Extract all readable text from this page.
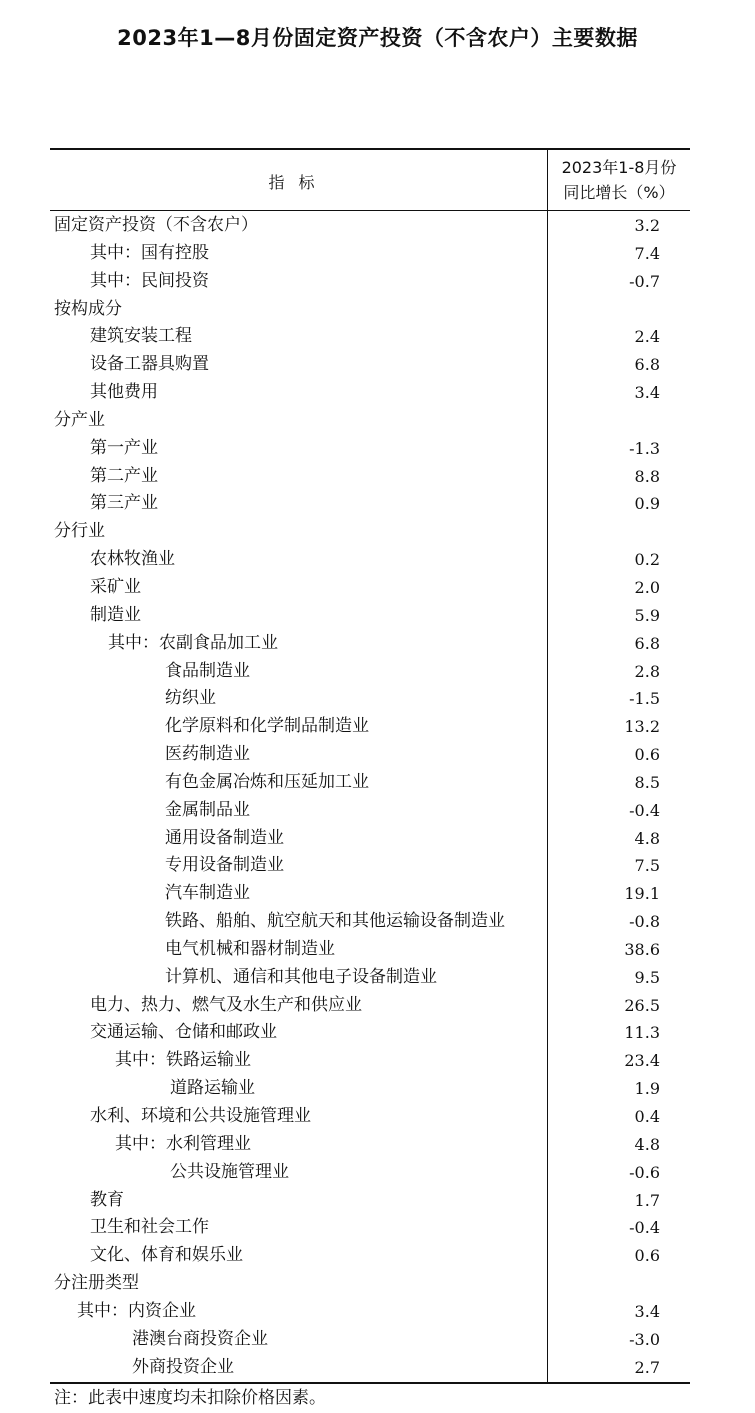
2023年1—8月份固定资产投资（不含农户）主要数据
指标
2023年1-8月份
同比增长（%）
固定资产投资（不含农户）	3.2
其中：国有控股	7.4
其中：民间投资	-0.7
按构成分
建筑安装工程	2.4
设备工器具购置	6.8
其他费用	3.4
分产业
第一产业	-1.3
第二产业	8.8
第三产业	0.9
分行业
农林牧渔业	0.2
采矿业	2.0
制造业	5.9
其中：农副食品加工业	6.8
食品制造业	2.8
纺织业	-1.5
化学原料和化学制品制造业	13.2
医药制造业	0.6
有色金属冶炼和压延加工业	8.5
金属制品业	-0.4
通用设备制造业	4.8
专用设备制造业	7.5
汽车制造业	19.1
铁路、船舶、航空航天和其他运输设备制造业	-0.8
电气机械和器材制造业	38.6
计算机、通信和其他电子设备制造业	9.5
电力、热力、燃气及水生产和供应业	26.5
交通运输、仓储和邮政业	11.3
其中：铁路运输业	23.4
道路运输业	1.9
水利、环境和公共设施管理业	0.4
其中：水利管理业	4.8
公共设施管理业	-0.6
教育	1.7
卫生和社会工作	-0.4
文化、体育和娱乐业	0.6
分注册类型
其中：内资企业	3.4
港澳台商投资企业	-3.0
外商投资企业	2.7
注：此表中速度均未扣除价格因素。
